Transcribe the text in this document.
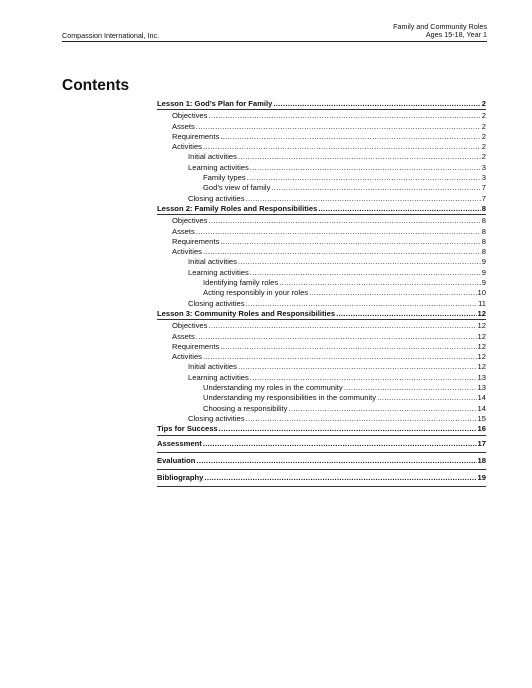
Compassion International, Inc.
Family and Community Roles
Ages 15-18, Year 1
Contents
Lesson 1: God’s Plan for Family .....	2
Objectives .....	2
Assets .....	2
Requirements .....	2
Activities .....	2
Initial activities .....	2
Learning activities .....	3
Family types .....	3
God’s view of family .....	7
Closing activities .....	7
Lesson 2: Family Roles and Responsibilities .....	8
Objectives .....	8
Assets .....	8
Requirements .....	8
Activities .....	8
Initial activities .....	9
Learning activities .....	9
Identifying family roles .....	9
Acting responsibly in your roles .....	10
Closing activities .....	11
Lesson 3: Community Roles and Responsibilities .....	12
Objectives .....	12
Assets .....	12
Requirements .....	12
Activities .....	12
Initial activities .....	12
Learning activities .....	13
Understanding my roles in the community .....	13
Understanding my responsibilities in the community .....	14
Choosing a responsibility .....	14
Closing activities .....	15
Tips for Success .....	16
Assessment .....	17
Evaluation .....	18
Bibliography .....	19
